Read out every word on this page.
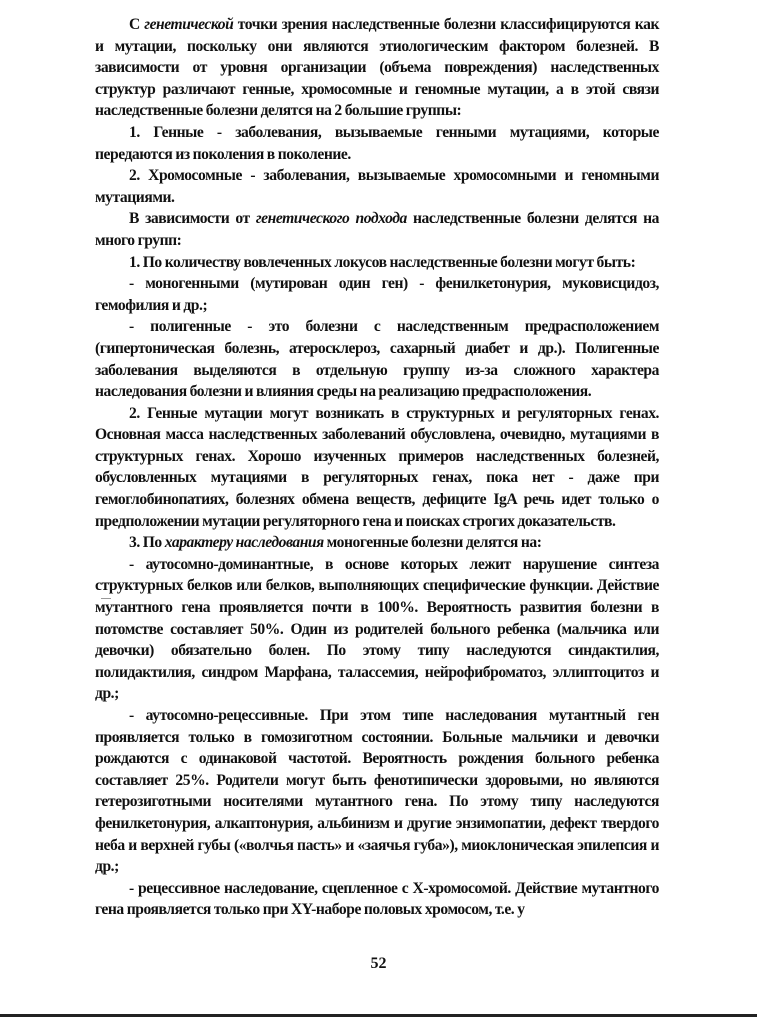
С генетической точки зрения наследственные болезни классифицируются как и мутации, поскольку они являются этиологическим фактором болезней. В зависимости от уровня организации (объема повреждения) наследственных структур различают генные, хромосомные и геномные мутации, а в этой связи наследственные болезни делятся на 2 большие группы:

1. Генные - заболевания, вызываемые генными мутациями, которые передаются из поколения в поколение.

2. Хромосомные - заболевания, вызываемые хромосомными и геномными мутациями.

В зависимости от генетического подхода наследственные болезни делятся на много групп:

1. По количеству вовлеченных локусов наследственные болезни могут быть:

- моногенными (мутирован один ген) - фенилкетонурия, муковисцидоз, гемофилия и др.;

- полигенные - это болезни с наследственным предрасположением (гипертоническая болезнь, атеросклероз, сахарный диабет и др.). Полигенные заболевания выделяются в отдельную группу из-за сложного характера наследования болезни и влияния среды на реализацию предрасположения.

2. Генные мутации могут возникать в структурных и регуляторных генах. Основная масса наследственных заболеваний обусловлена, очевидно, мутациями в структурных генах. Хорошо изученных примеров наследственных болезней, обусловленных мутациями в регуляторных генах, пока нет - даже при гемоглобинопатиях, болезнях обмена веществ, дефиците IgA речь идет только о предположении мутации регуляторного гена и поисках строгих доказательств.

3. По характеру наследования моногенные болезни делятся на:

- аутосомно-доминантные, в основе которых лежит нарушение синтеза структурных белков или белков, выполняющих специфические функции. Действие мутантного гена проявляется почти в 100%. Вероятность развития болезни в потомстве составляет 50%. Один из родителей больного ребенка (мальчика или девочки) обязательно болен. По этому типу наследуются синдактилия, полидактилия, синдром Марфана, талассемия, нейрофиброматоз, эллиптоцитоз и др.;

- аутосомно-рецессивные. При этом типе наследования мутантный ген проявляется только в гомозиготном состоянии. Больные мальчики и девочки рождаются с одинаковой частотой. Вероятность рождения больного ребенка составляет 25%. Родители могут быть фенотипически здоровыми, но являются гетерозиготными носителями мутантного гена. По этому типу наследуются фенилкетонурия, алкаптонурия, альбинизм и другие энзимопатии, дефект твердого неба и верхней губы («волчья пасть» и «заячья губа»), миоклоническая эпилепсия и др.;

- рецессивное наследование, сцепленное с Х-хромосомой. Действие мутантного гена проявляется только при XY-наборе половых хромосом, т.е. у

52
